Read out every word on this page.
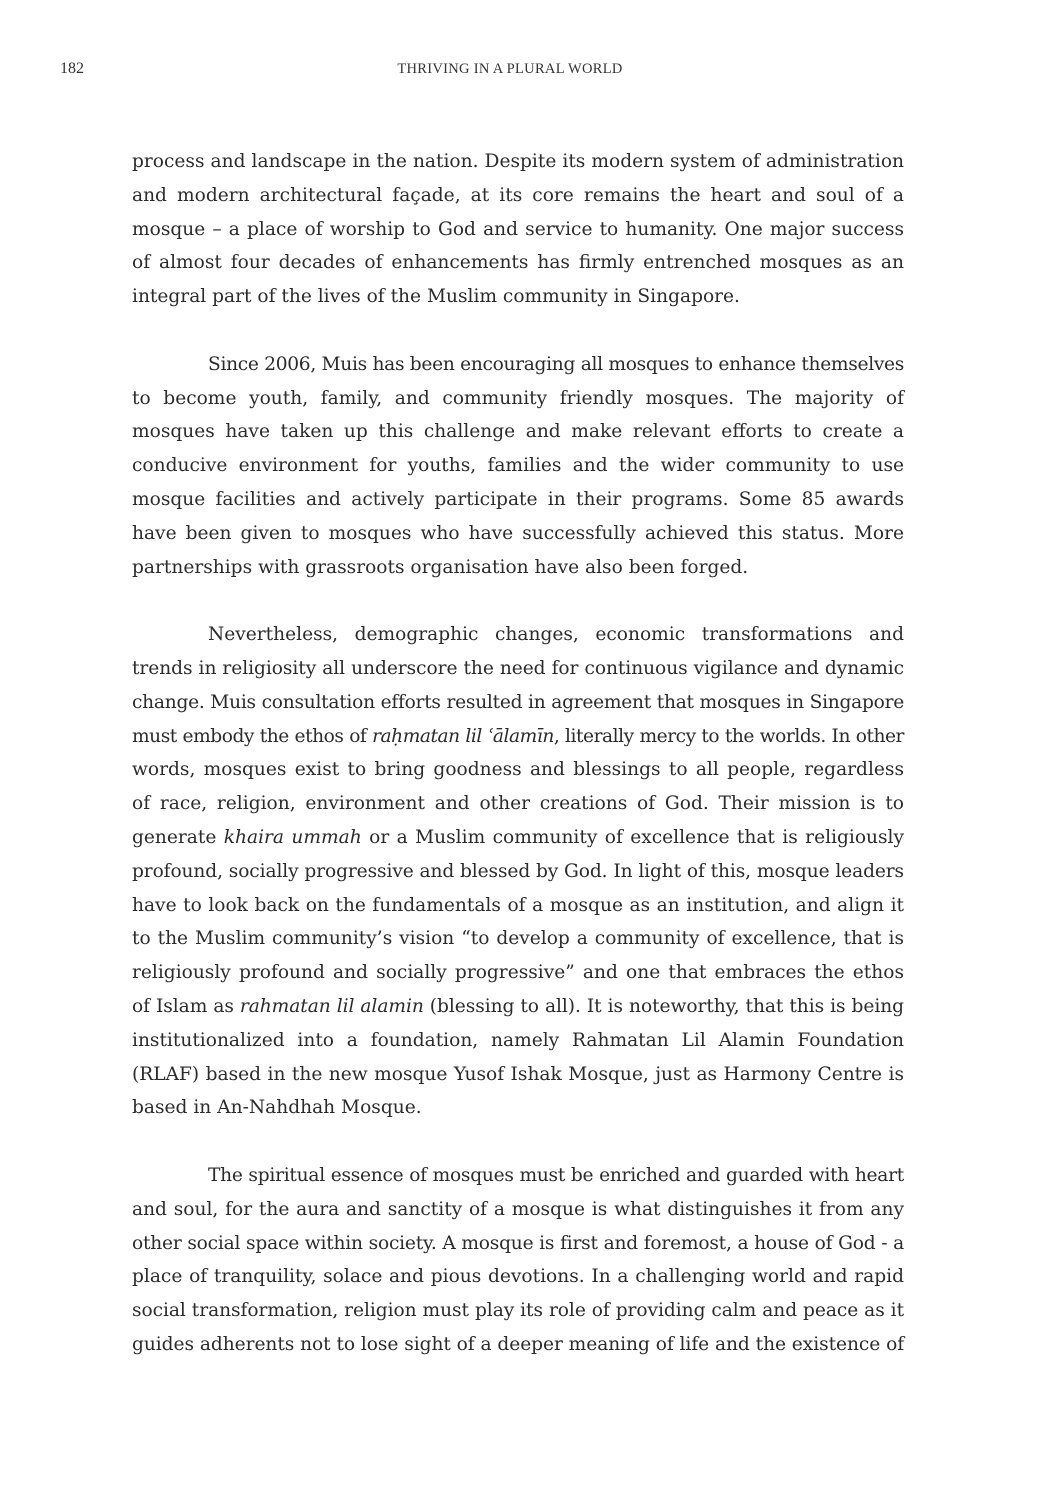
182	THRIVING IN A PLURAL WORLD

process and landscape in the nation. Despite its modern system of administration
and modern architectural façade, at its core remains the heart and soul of a
mosque – a place of worship to God and service to humanity. One major success
of almost four decades of enhancements has firmly entrenched mosques as an
integral part of the lives of the Muslim community in Singapore.

Since 2006, Muis has been encouraging all mosques to enhance themselves
to become youth, family, and community friendly mosques. The majority of
mosques have taken up this challenge and make relevant efforts to create a
conducive environment for youths, families and the wider community to use
mosque facilities and actively participate in their programs. Some 85 awards
have been given to mosques who have successfully achieved this status. More
partnerships with grassroots organisation have also been forged.

Nevertheless, demographic changes, economic transformations and
trends in religiosity all underscore the need for continuous vigilance and dynamic
change. Muis consultation efforts resulted in agreement that mosques in Singapore
must embody the ethos of raḥmatan lil ʿālamīn, literally mercy to the worlds. In other
words, mosques exist to bring goodness and blessings to all people, regardless
of race, religion, environment and other creations of God. Their mission is to
generate khaira ummah or a Muslim community of excellence that is religiously
profound, socially progressive and blessed by God. In light of this, mosque leaders
have to look back on the fundamentals of a mosque as an institution, and align it
to the Muslim community’s vision “to develop a community of excellence, that is
religiously profound and socially progressive” and one that embraces the ethos
of Islam as rahmatan lil alamin (blessing to all). It is noteworthy, that this is being
institutionalized into a foundation, namely Rahmatan Lil Alamin Foundation
(RLAF) based in the new mosque Yusof Ishak Mosque, just as Harmony Centre is
based in An-Nahdhah Mosque.

The spiritual essence of mosques must be enriched and guarded with heart
and soul, for the aura and sanctity of a mosque is what distinguishes it from any
other social space within society. A mosque is first and foremost, a house of God - a
place of tranquility, solace and pious devotions. In a challenging world and rapid
social transformation, religion must play its role of providing calm and peace as it
guides adherents not to lose sight of a deeper meaning of life and the existence of
